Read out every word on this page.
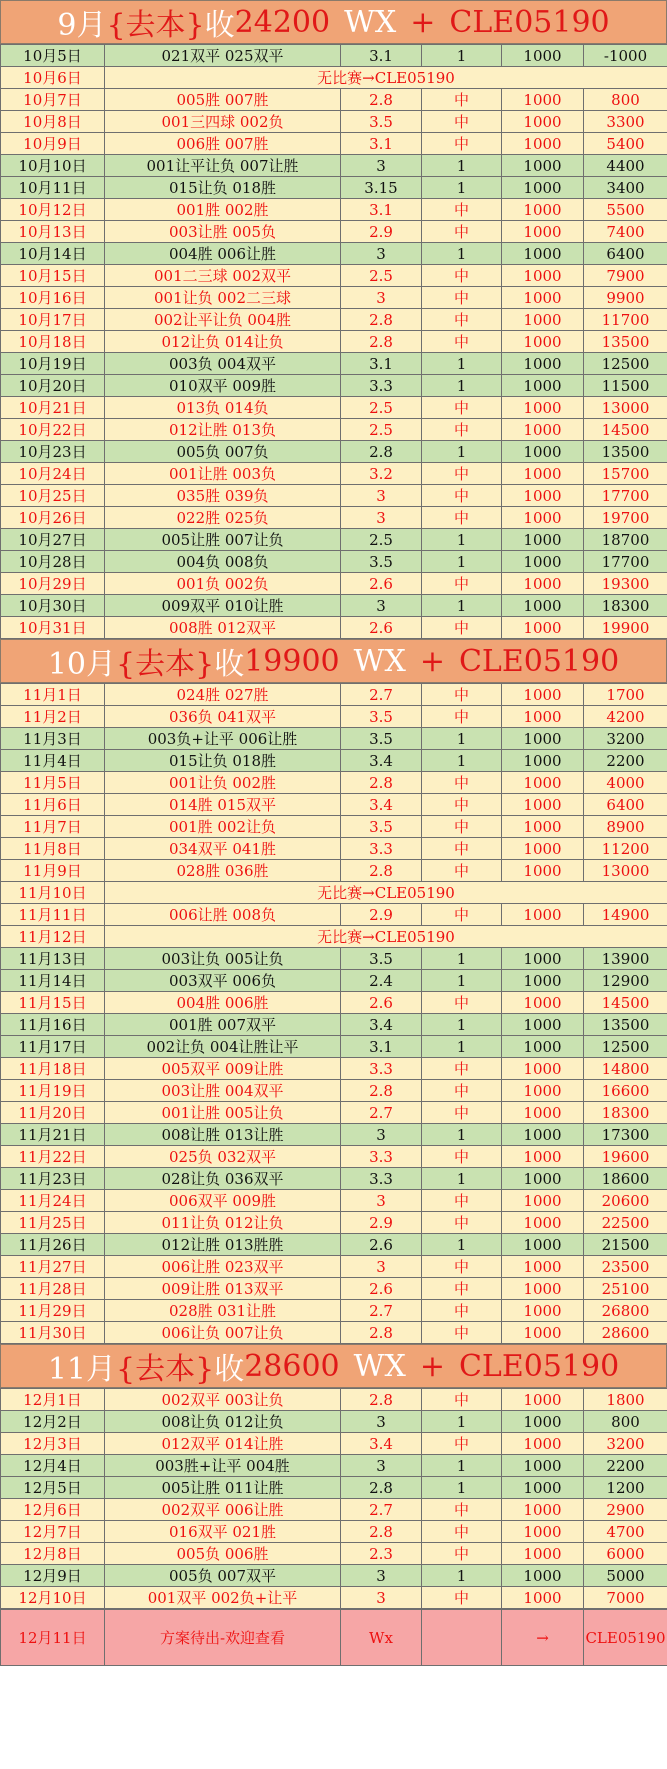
9月 {去本} 收 24200 WX + CLE05190
10月5日	021双平 025双平	3.1	1	1000	-1000
10月6日	无比赛→CLE05190				
10月7日	005胜 007胜	2.8	中	1000	800
10月8日	001三四球 002负	3.5	中	1000	3300
10月9日	006胜 007胜	3.1	中	1000	5400
10月10日	001让平让负 007让胜	3	1	1000	4400
10月11日	015让负 018胜	3.15	1	1000	3400
10月12日	001胜 002胜	3.1	中	1000	5500
10月13日	003让胜 005负	2.9	中	1000	7400
10月14日	004胜 006让胜	3	1	1000	6400
10月15日	001二三球 002双平	2.5	中	1000	7900
10月16日	001让负 002二三球	3	中	1000	9900
10月17日	002让平让负 004胜	2.8	中	1000	11700
10月18日	012让负 014让负	2.8	中	1000	13500
10月19日	003负 004双平	3.1	1	1000	12500
10月20日	010双平 009胜	3.3	1	1000	11500
10月21日	013负 014负	2.5	中	1000	13000
10月22日	012让胜 013负	2.5	中	1000	14500
10月23日	005负 007负	2.8	1	1000	13500
10月24日	001让胜 003负	3.2	中	1000	15700
10月25日	035胜 039负	3	中	1000	17700
10月26日	022胜 025负	3	中	1000	19700
10月27日	005让胜 007让负	2.5	1	1000	18700
10月28日	004负 008负	3.5	1	1000	17700
10月29日	001负 002负	2.6	中	1000	19300
10月30日	009双平 010让胜	3	1	1000	18300
10月31日	008胜 012双平	2.6	中	1000	19900
10月 {去本} 收 19900 WX + CLE05190
11月1日	024胜 027胜	2.7	中	1000	1700
11月2日	036负 041双平	3.5	中	1000	4200
11月3日	003负+让平 006让胜	3.5	1	1000	3200
11月4日	015让负 018胜	3.4	1	1000	2200
11月5日	001让负 002胜	2.8	中	1000	4000
11月6日	014胜 015双平	3.4	中	1000	6400
11月7日	001胜 002让负	3.5	中	1000	8900
11月8日	034双平 041胜	3.3	中	1000	11200
11月9日	028胜 036胜	2.8	中	1000	13000
11月10日	无比赛→CLE05190				
11月11日	006让胜 008负	2.9	中	1000	14900
11月12日	无比赛→CLE05190				
11月13日	003让负 005让负	3.5	1	1000	13900
11月14日	003双平 006负	2.4	1	1000	12900
11月15日	004胜 006胜	2.6	中	1000	14500
11月16日	001胜 007双平	3.4	1	1000	13500
11月17日	002让负 004让胜让平	3.1	1	1000	12500
11月18日	005双平 009让胜	3.3	中	1000	14800
11月19日	003让胜 004双平	2.8	中	1000	16600
11月20日	001让胜 005让负	2.7	中	1000	18300
11月21日	008让胜 013让胜	3	1	1000	17300
11月22日	025负 032双平	3.3	中	1000	19600
11月23日	028让负 036双平	3.3	1	1000	18600
11月24日	006双平 009胜	3	中	1000	20600
11月25日	011让负 012让负	2.9	中	1000	22500
11月26日	012让胜 013胜胜	2.6	1	1000	21500
11月27日	006让胜 023双平	3	中	1000	23500
11月28日	009让胜 013双平	2.6	中	1000	25100
11月29日	028胜 031让胜	2.7	中	1000	26800
11月30日	006让负 007让负	2.8	中	1000	28600
11月 {去本} 收 28600 WX + CLE05190
12月1日	002双平 003让负	2.8	中	1000	1800
12月2日	008让负 012让负	3	1	1000	800
12月3日	012双平 014让胜	3.4	中	1000	3200
12月4日	003胜+让平 004胜	3	1	1000	2200
12月5日	005让胜 011让胜	2.8	1	1000	1200
12月6日	002双平 006让胜	2.7	中	1000	2900
12月7日	016双平 021胜	2.8	中	1000	4700
12月8日	005负 006胜	2.3	中	1000	6000
12月9日	005负 007双平	3	1	1000	5000
12月10日	001双平 002负+让平	3	中	1000	7000
12月11日	方案待出-欢迎查看	Wx		→	CLE05190
